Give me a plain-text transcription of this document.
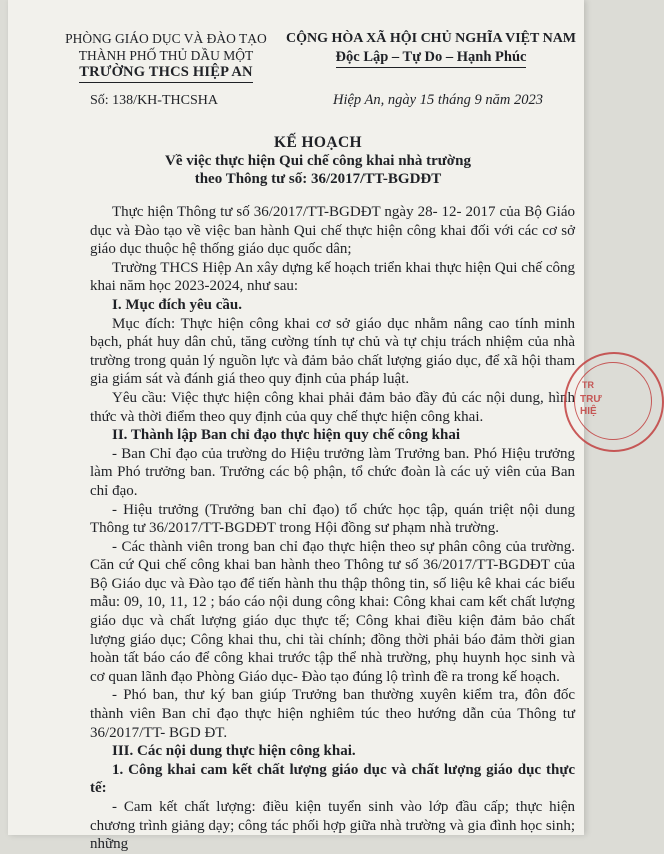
PHÒNG GIÁO DỤC VÀ ĐÀO TẠO
THÀNH PHỐ THỦ DẦU MỘT
TRƯỜNG THCS HIỆP AN
CỘNG HÒA XÃ HỘI CHỦ NGHĨA VIỆT NAM
Độc Lập – Tự Do – Hạnh Phúc
Số: 138/KH-THCSHA	Hiệp An, ngày 15 tháng 9 năm 2023
KẾ HOẠCH
Về việc thực hiện Qui chế công khai nhà trường
theo Thông tư số: 36/2017/TT-BGDĐT

Thực hiện Thông tư số 36/2017/TT-BGDĐT ngày 28- 12- 2017 của Bộ Giáo dục và Đào tạo về việc ban hành Qui chế thực hiện công khai đối với các cơ sở giáo dục thuộc hệ thống giáo dục quốc dân;

Trường THCS Hiệp An xây dựng kế hoạch triển khai thực hiện Qui chế công khai năm học 2023-2024, như sau:

I. Mục đích yêu cầu.

Mục đích: Thực hiện công khai cơ sở giáo dục nhằm nâng cao tính minh bạch, phát huy dân chủ, tăng cường tính tự chủ và tự chịu trách nhiệm của nhà trường trong quản lý nguồn lực và đảm bảo chất lượng giáo dục, để xã hội tham gia giám sát và đánh giá theo quy định của pháp luật.

Yêu cầu: Việc thực hiện công khai phải đảm bảo đầy đủ các nội dung, hình thức và thời điểm theo quy định của quy chế thực hiện công khai.

II. Thành lập Ban chỉ đạo thực hiện quy chế công khai

- Ban Chỉ đạo của trường do Hiệu trưởng làm Trưởng ban. Phó Hiệu trưởng làm Phó trưởng ban. Trưởng các bộ phận, tổ chức đoàn là các uỷ viên của Ban chỉ đạo.

- Hiệu trưởng (Trưởng ban chỉ đạo) tổ chức học tập, quán triệt nội dung Thông tư 36/2017/TT-BGDĐT trong Hội đồng sư phạm nhà trường.

- Các thành viên trong ban chỉ đạo thực hiện theo sự phân công của trường. Căn cứ Qui chế công khai ban hành theo Thông tư số 36/2017/TT-BGDĐT của Bộ Giáo dục và Đào tạo để tiến hành thu thập thông tin, số liệu kê khai các biểu mẫu: 09, 10, 11, 12 ; báo cáo nội dung công khai: Công khai cam kết chất lượng giáo dục và chất lượng giáo dục thực tế; Công khai điều kiện đảm bảo chất lượng giáo dục; Công khai thu, chi tài chính; đồng thời phải báo đảm thời gian hoàn tất báo cáo để công khai trước tập thể nhà trường, phụ huynh học sinh và cơ quan lãnh đạo Phòng Giáo dục- Đào tạo đúng lộ trình đề ra trong kế hoạch.

- Phó ban, thư ký ban giúp Trưởng ban thường xuyên kiểm tra, đôn đốc thành viên Ban chỉ đạo thực hiện nghiêm túc theo hướng dẫn của Thông tư 36/2017/TT- BGD ĐT.

III. Các nội dung thực hiện công khai.

1. Công khai cam kết chất lượng giáo dục và chất lượng giáo dục thực tế:

- Cam kết chất lượng: điều kiện tuyển sinh vào lớp đầu cấp; thực hiện chương trình giảng dạy; công tác phối hợp giữa nhà trường và gia đình học sinh; những

TR
TRƯ
HIỆ
